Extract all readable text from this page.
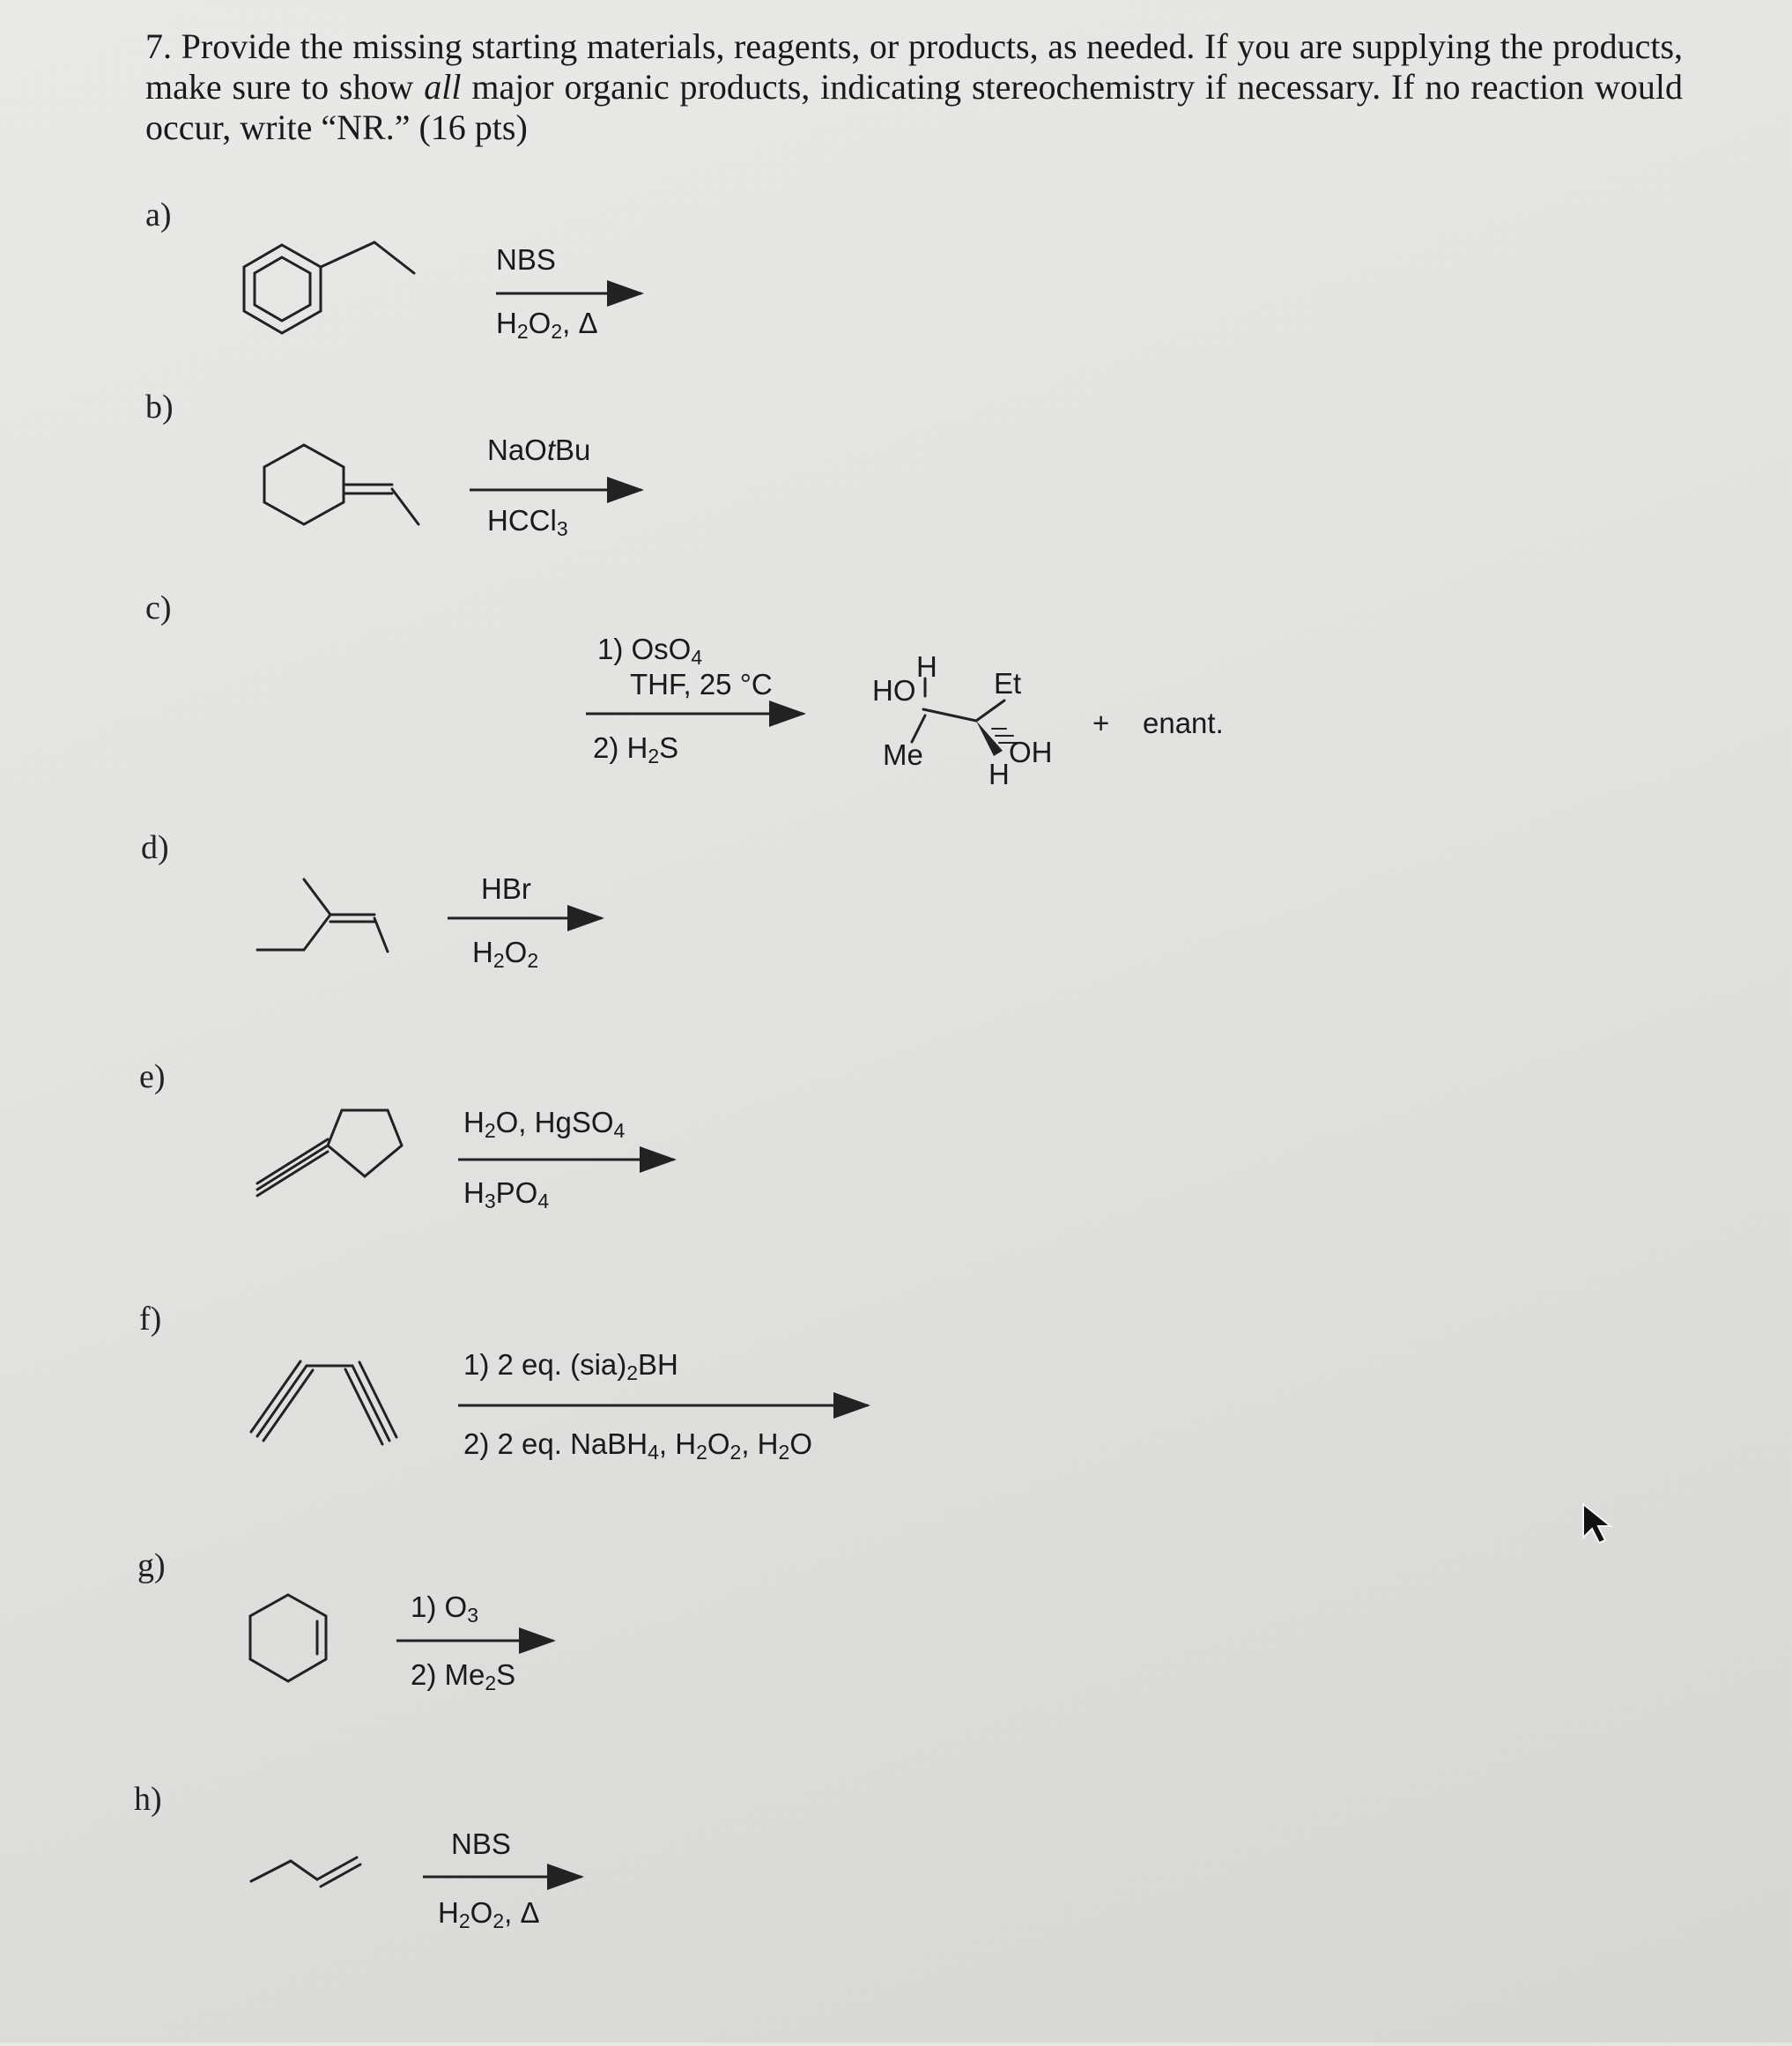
7. Provide the missing starting materials, reagents, or products, as needed. If you are supplying the products, make sure to show all major organic products, indicating stereochemistry if necessary. If no reaction would occur, write “NR.” (16 pts)

a)
b)
c)
d)
e)
f)
g)
h)
NBS
$H_2O_2$, Δ
NaOtBu
HCCl$_3$
1) OsO$_4$
THF, 25 °C
2) $H_2S$
HO
H
Et
Me	OH
H
+ enant.
HBr
$H_2O_2$
$H_2O$, HgSO$_4$
$H_3PO_4$
1) 2 eq. $(sia)_2BH$
2) 2 eq. NaBH$_4$, $H_2O_2$, $H_2O$
1) $O_3$
2) $Me_2S$
NBS
$H_2O_2$, Δ
